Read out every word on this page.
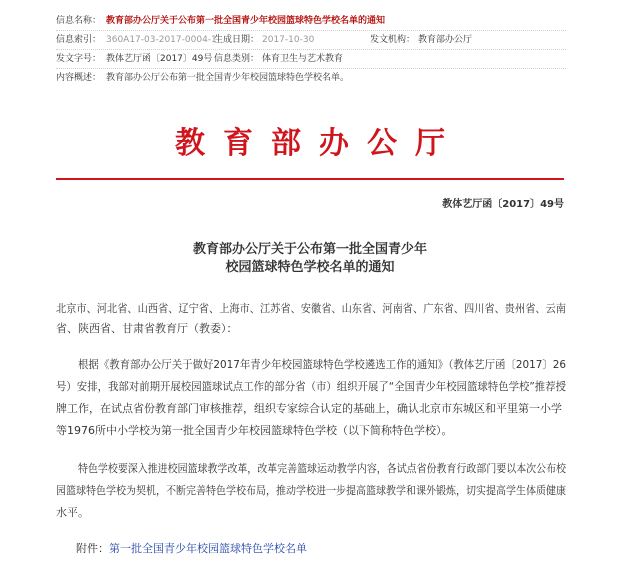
信息名称： 教育部办公厅关于公布第一批全国青少年校园篮球特色学校名单的通知
信息索引： 360A17-03-2017-0004-1
生成日期： 2017-10-30	发文机构： 教育部办公厅
发文字号： 教体艺厅函〔2017〕49号 信息类别： 体育卫生与艺术教育
内容概述： 教育部办公厅公布第一批全国青少年校园篮球特色学校名单。
教育部办公厅
教体艺厅函〔2017〕49号
教育部办公厅关于公布第一批全国青少年
校园篮球特色学校名单的通知
北京市、河北省、山西省、辽宁省、上海市、江苏省、安徽省、山东省、河南省、广东省、四川省、贵州省、云南
省、陕西省、甘肃省教育厅（教委）：
根据《教育部办公厅关于做好2017年青少年校园篮球特色学校遴选工作的通知》（教体艺厅函〔2017〕26
号）安排，我部对前期开展校园篮球试点工作的部分省（市）组织开展了“全国青少年校园篮球特色学校”推荐授
牌工作，在试点省份教育部门审核推荐，组织专家综合认定的基础上，确认北京市东城区和平里第一小学
等1976所中小学校为第一批全国青少年校园篮球特色学校（以下简称特色学校）。
特色学校要深入推进校园篮球教学改革，改革完善篮球运动教学内容，各试点省份教育行政部门要以本次公布校
园篮球特色学校为契机，不断完善特色学校布局，推动学校进一步提高篮球教学和课外锻炼，切实提高学生体质健康
水平。
附件：第一批全国青少年校园篮球特色学校名单
